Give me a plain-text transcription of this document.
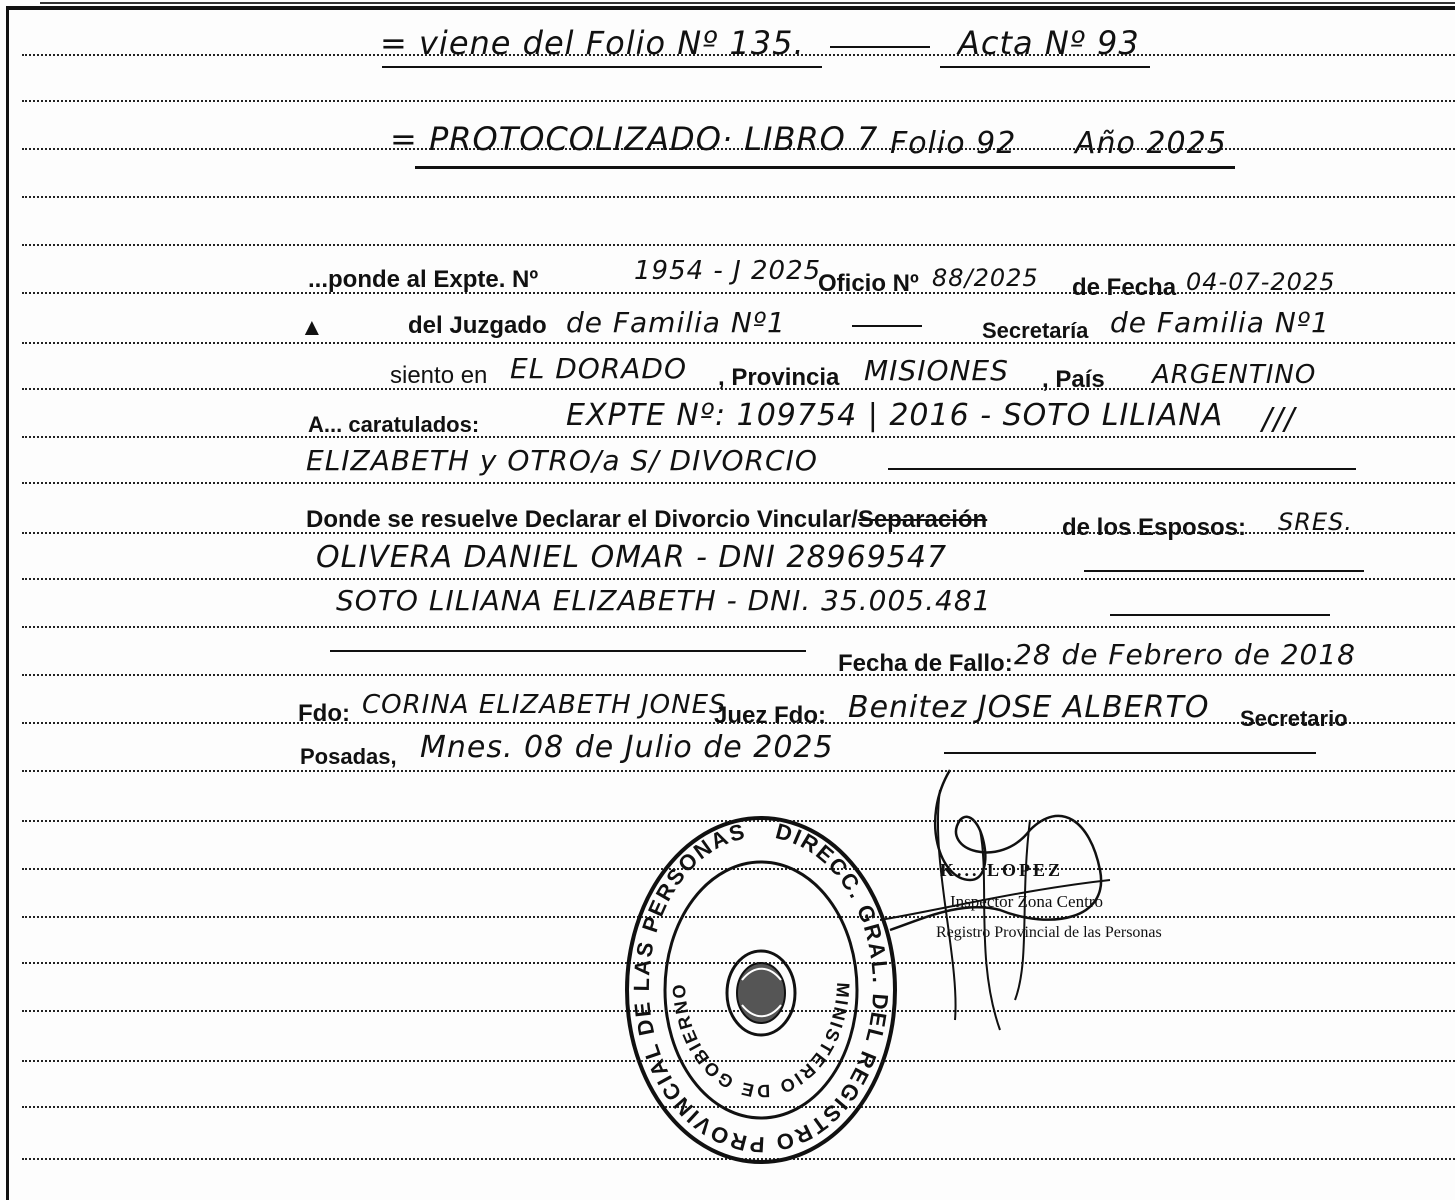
= viene del Folio Nº 135.	Acta Nº 93
= PROTOCOLIZADO· LIBRO 7 Folio 92 Año 2025
...ponde al Expte. Nº	1954 - J 2025
Oficio Nº 88/2025 de Fecha 04-07-2025
▲	del Juzgado de Familia Nº1	Secretaría de Familia Nº1
siento en EL DORADO , Provincia MISIONES , País ARGENTINO
A... caratulados:	EXPTE Nº: 109754 | 2016 - SOTO LILIANA ///
ELIZABETH y OTRO/a S/ DIVORCIO
Donde se resuelve Declarar el Divorcio Vincular/Separación	de los Esposos: SRES.
OLIVERA DANIEL OMAR - DNI 28969547
SOTO LILIANA ELIZABETH - DNI. 35.005.481
Fecha de Fallo: 28 de Febrero de 2018
Fdo: CORINA ELIZABETH JONES
Juez Fdo: Benitez JOSE ALBERTO Secretario
Posadas, Mnes. 08 de Julio de 2025
K... LOPEZ
Inspector Zona Centro
Registro Provincial de las Personas
DIRECC. GRAL. DEL REGISTRO PROVINCIAL DE LAS PERSONAS
MINISTERIO DE GOBIERNO
